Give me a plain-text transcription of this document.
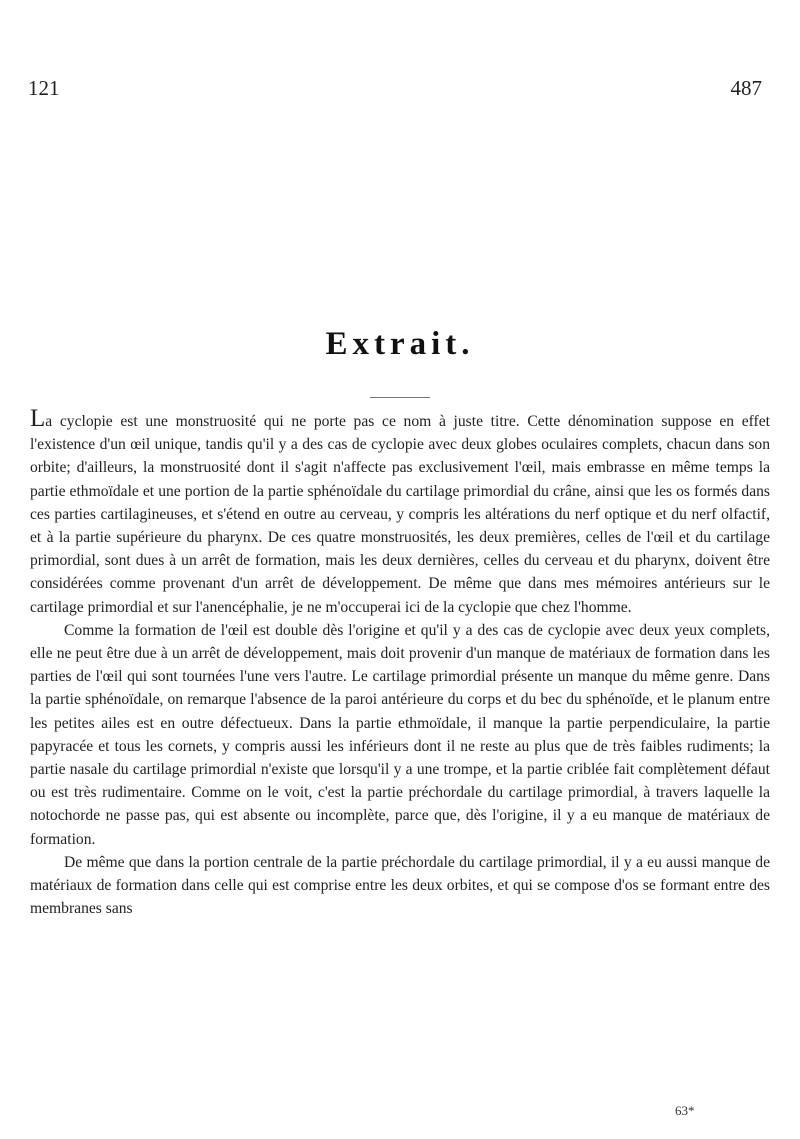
121	487
Extrait.

La cyclopie est une monstruosité qui ne porte pas ce nom à juste titre. Cette dénomination suppose en effet l'existence d'un œil unique, tandis qu'il y a des cas de cyclopie avec deux globes oculaires complets, chacun dans son orbite; d'ailleurs, la monstruosité dont il s'agit n'affecte pas exclusivement l'œil, mais embrasse en même temps la partie ethmoïdale et une portion de la partie sphénoïdale du cartilage primordial du crâne, ainsi que les os formés dans ces parties cartilagineuses, et s'étend en outre au cerveau, y compris les altérations du nerf optique et du nerf olfactif, et à la partie supérieure du pharynx. De ces quatre monstruosités, les deux premières, celles de l'œil et du cartilage primordial, sont dues à un arrêt de formation, mais les deux dernières, celles du cerveau et du pharynx, doivent être considérées comme provenant d'un arrêt de développement. De même que dans mes mémoires antérieurs sur le cartilage primordial et sur l'anencéphalie, je ne m'occuperai ici de la cyclopie que chez l'homme.

Comme la formation de l'œil est double dès l'origine et qu'il y a des cas de cyclopie avec deux yeux complets, elle ne peut être due à un arrêt de développement, mais doit provenir d'un manque de matériaux de formation dans les parties de l'œil qui sont tournées l'une vers l'autre. Le cartilage primordial présente un manque du même genre. Dans la partie sphénoïdale, on remarque l'absence de la paroi antérieure du corps et du bec du sphénoïde, et le planum entre les petites ailes est en outre défectueux. Dans la partie ethmoïdale, il manque la partie perpendiculaire, la partie papyracée et tous les cornets, y compris aussi les inférieurs dont il ne reste au plus que de très faibles rudiments; la partie nasale du cartilage primordial n'existe que lorsqu'il y a une trompe, et la partie criblée fait complètement défaut ou est très rudimentaire. Comme on le voit, c'est la partie préchordale du cartilage primordial, à travers laquelle la notochorde ne passe pas, qui est absente ou incomplète, parce que, dès l'origine, il y a eu manque de matériaux de formation.

De même que dans la portion centrale de la partie préchordale du cartilage primordial, il y a eu aussi manque de matériaux de formation dans celle qui est comprise entre les deux orbites, et qui se compose d'os se formant entre des membranes sans

63*
